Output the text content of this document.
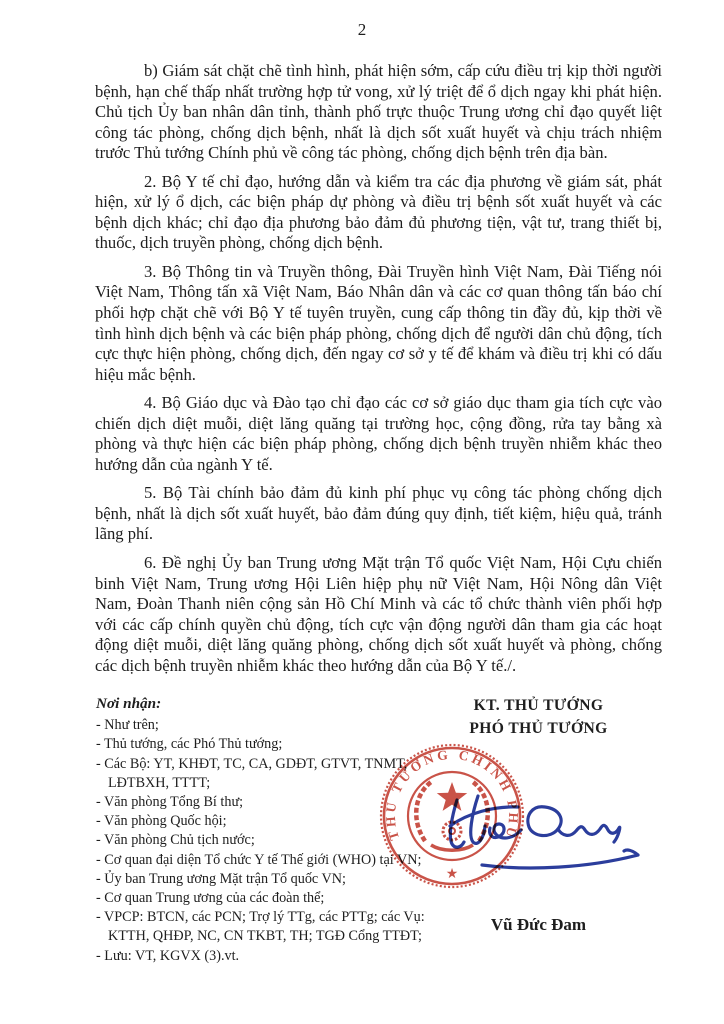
2

b) Giám sát chặt chẽ tình hình, phát hiện sớm, cấp cứu điều trị kịp thời người bệnh, hạn chế thấp nhất trường hợp tử vong, xử lý triệt để ổ dịch ngay khi phát hiện. Chủ tịch Ủy ban nhân dân tỉnh, thành phố trực thuộc Trung ương chỉ đạo quyết liệt công tác phòng, chống dịch bệnh, nhất là dịch sốt xuất huyết và chịu trách nhiệm trước Thủ tướng Chính phủ về công tác phòng, chống dịch bệnh trên địa bàn.

2. Bộ Y tế chỉ đạo, hướng dẫn và kiểm tra các địa phương về giám sát, phát hiện, xử lý ổ dịch, các biện pháp dự phòng và điều trị bệnh sốt xuất huyết và các bệnh dịch khác; chỉ đạo địa phương bảo đảm đủ phương tiện, vật tư, trang thiết bị, thuốc, dịch truyền phòng, chống dịch bệnh.

3. Bộ Thông tin và Truyền thông, Đài Truyền hình Việt Nam, Đài Tiếng nói Việt Nam, Thông tấn xã Việt Nam, Báo Nhân dân và các cơ quan thông tấn báo chí phối hợp chặt chẽ với Bộ Y tế tuyên truyền, cung cấp thông tin đầy đủ, kịp thời về tình hình dịch bệnh và các biện pháp phòng, chống dịch để người dân chủ động, tích cực thực hiện phòng, chống dịch, đến ngay cơ sở y tế để khám và điều trị khi có dấu hiệu mắc bệnh.

4. Bộ Giáo dục và Đào tạo chỉ đạo các cơ sở giáo dục tham gia tích cực vào chiến dịch diệt muỗi, diệt lăng quăng tại trường học, cộng đồng, rửa tay bằng xà phòng và thực hiện các biện pháp phòng, chống dịch bệnh truyền nhiễm khác theo hướng dẫn của ngành Y tế.

5. Bộ Tài chính bảo đảm đủ kinh phí phục vụ công tác phòng chống dịch bệnh, nhất là dịch sốt xuất huyết, bảo đảm đúng quy định, tiết kiệm, hiệu quả, tránh lãng phí.

6. Đề nghị Ủy ban Trung ương Mặt trận Tổ quốc Việt Nam, Hội Cựu chiến binh Việt Nam, Trung ương Hội Liên hiệp phụ nữ Việt Nam, Hội Nông dân Việt Nam, Đoàn Thanh niên cộng sản Hồ Chí Minh và các tổ chức thành viên phối hợp với các cấp chính quyền chủ động, tích cực vận động người dân tham gia các hoạt động diệt muỗi, diệt lăng quăng phòng, chống dịch sốt xuất huyết và phòng, chống các dịch bệnh truyền nhiễm khác theo hướng dẫn của Bộ Y tế./.

Nơi nhận:
- Như trên;
- Thủ tướng, các Phó Thủ tướng;
- Các Bộ: YT, KHĐT, TC, CA, GDĐT, GTVT, TNMT, LĐTBXH, TTTT;
- Văn phòng Tổng Bí thư;
- Văn phòng Quốc hội;
- Văn phòng Chủ tịch nước;
- Cơ quan đại diện Tổ chức Y tế Thế giới (WHO) tại VN;
- Ủy ban Trung ương Mặt trận Tổ quốc VN;
- Cơ quan Trung ương của các đoàn thể;
- VPCP: BTCN, các PCN; Trợ lý TTg, các PTTg; các Vụ: KTTH, QHĐP, NC, CN TKBT, TH; TGĐ Cổng TTĐT;
- Lưu: VT, KGVX (3).vt.
KT. THỦ TƯỚNG
PHÓ THỦ TƯỚNG
THỦ TƯỚNG CHÍNH PHỦ
★
Vũ Đức Đam
